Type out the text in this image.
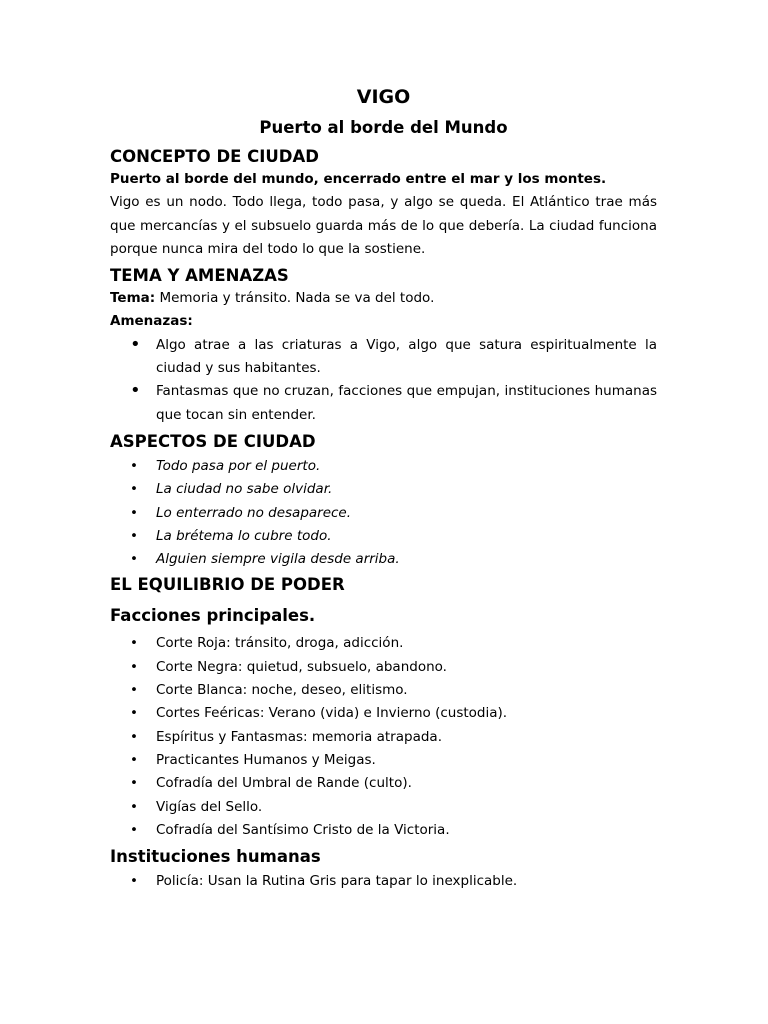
VIGO

Puerto al borde del Mundo

CONCEPTO DE CIUDAD

Puerto al borde del mundo, encerrado entre el mar y los montes.

Vigo es un nodo. Todo llega, todo pasa, y algo se queda. El Atlántico trae más que mercancías y el subsuelo guarda más de lo que debería. La ciudad funciona porque nunca mira del todo lo que la sostiene.

TEMA Y AMENAZAS

Tema: Memoria y tránsito. Nada se va del todo.

Amenazas:

• Algo atrae a las criaturas a Vigo, algo que satura espiritualmente la ciudad y sus habitantes.
• Fantasmas que no cruzan, facciones que empujan, instituciones humanas que tocan sin entender.
ASPECTOS DE CIUDAD
• Todo pasa por el puerto.
• La ciudad no sabe olvidar.
• Lo enterrado no desaparece.
• La brétema lo cubre todo.
• Alguien siempre vigila desde arriba.
EL EQUILIBRIO DE PODER
Facciones principales.
• Corte Roja: tránsito, droga, adicción.
• Corte Negra: quietud, subsuelo, abandono.
• Corte Blanca: noche, deseo, elitismo.
• Cortes Feéricas: Verano (vida) e Invierno (custodia).
• Espíritus y Fantasmas: memoria atrapada.
• Practicantes Humanos y Meigas.
• Cofradía del Umbral de Rande (culto).
• Vigías del Sello.
• Cofradía del Santísimo Cristo de la Victoria.
Instituciones humanas
• Policía: Usan la Rutina Gris para tapar lo inexplicable.
